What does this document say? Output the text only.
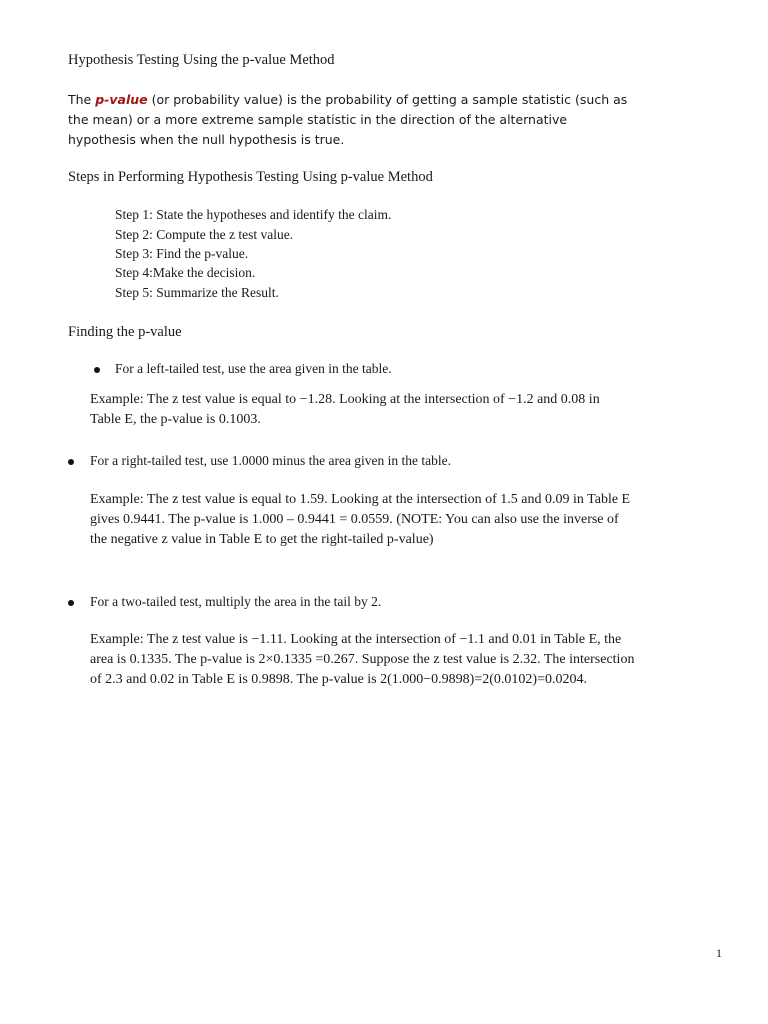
Hypothesis Testing Using the p-value Method
The p-value (or probability value) is the probability of getting a sample statistic (such as the mean) or a more extreme sample statistic in the direction of the alternative hypothesis when the null hypothesis is true.
Steps in Performing Hypothesis Testing Using p-value Method
Step 1: State the hypotheses and identify the claim.
Step 2: Compute the z test value.
Step 3: Find the p-value.
Step 4:Make the decision.
Step 5: Summarize the Result.
Finding the p-value
For a left-tailed test, use the area given in the table.
Example: The z test value is equal to −1.28. Looking at the intersection of −1.2 and 0.08 in Table E, the p-value is 0.1003.
For a right-tailed test, use 1.0000 minus the area given in the table.
Example: The z test value is equal to 1.59. Looking at the intersection of 1.5 and 0.09 in Table E gives 0.9441. The p-value is 1.000 – 0.9441 = 0.0559. (NOTE: You can also use the inverse of the negative z value in Table E to get the right-tailed p-value)
For a two-tailed test, multiply the area in the tail by 2.
Example: The z test value is −1.11. Looking at the intersection of −1.1 and 0.01 in Table E, the area is 0.1335. The p-value is 2×0.1335 =0.267. Suppose the z test value is 2.32. The intersection of 2.3 and 0.02 in Table E is 0.9898. The p-value is 2(1.000−0.9898)=2(0.0102)=0.0204.
1
